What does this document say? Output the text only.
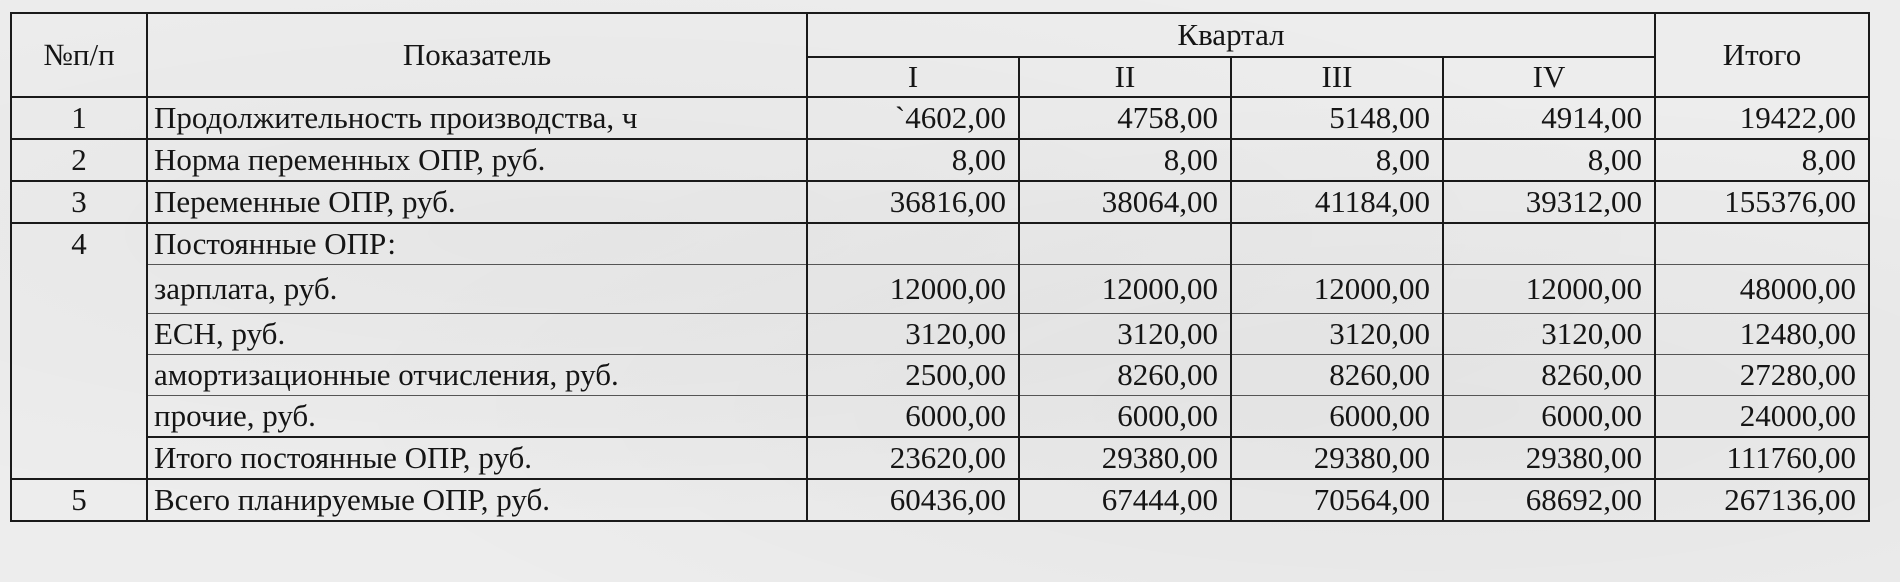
№п/п	Показатель	Квартал				Итого
		I	II	III	IV	
1	Продолжительность производства, ч	`4602,00	4758,00	5148,00	4914,00	19422,00
2	Норма переменных ОПР, руб.	8,00	8,00	8,00	8,00	8,00
3	Переменные ОПР, руб.	36816,00	38064,00	41184,00	39312,00	155376,00
4	Постоянные ОПР:					
	зарплата, руб.	12000,00	12000,00	12000,00	12000,00	48000,00
	ЕСН, руб.	3120,00	3120,00	3120,00	3120,00	12480,00
	амортизационные отчисления, руб.	2500,00	8260,00	8260,00	8260,00	27280,00
	прочие, руб.	6000,00	6000,00	6000,00	6000,00	24000,00
	Итого постоянные ОПР, руб.	23620,00	29380,00	29380,00	29380,00	111760,00
5	Всего планируемые ОПР, руб.	60436,00	67444,00	70564,00	68692,00	267136,00
